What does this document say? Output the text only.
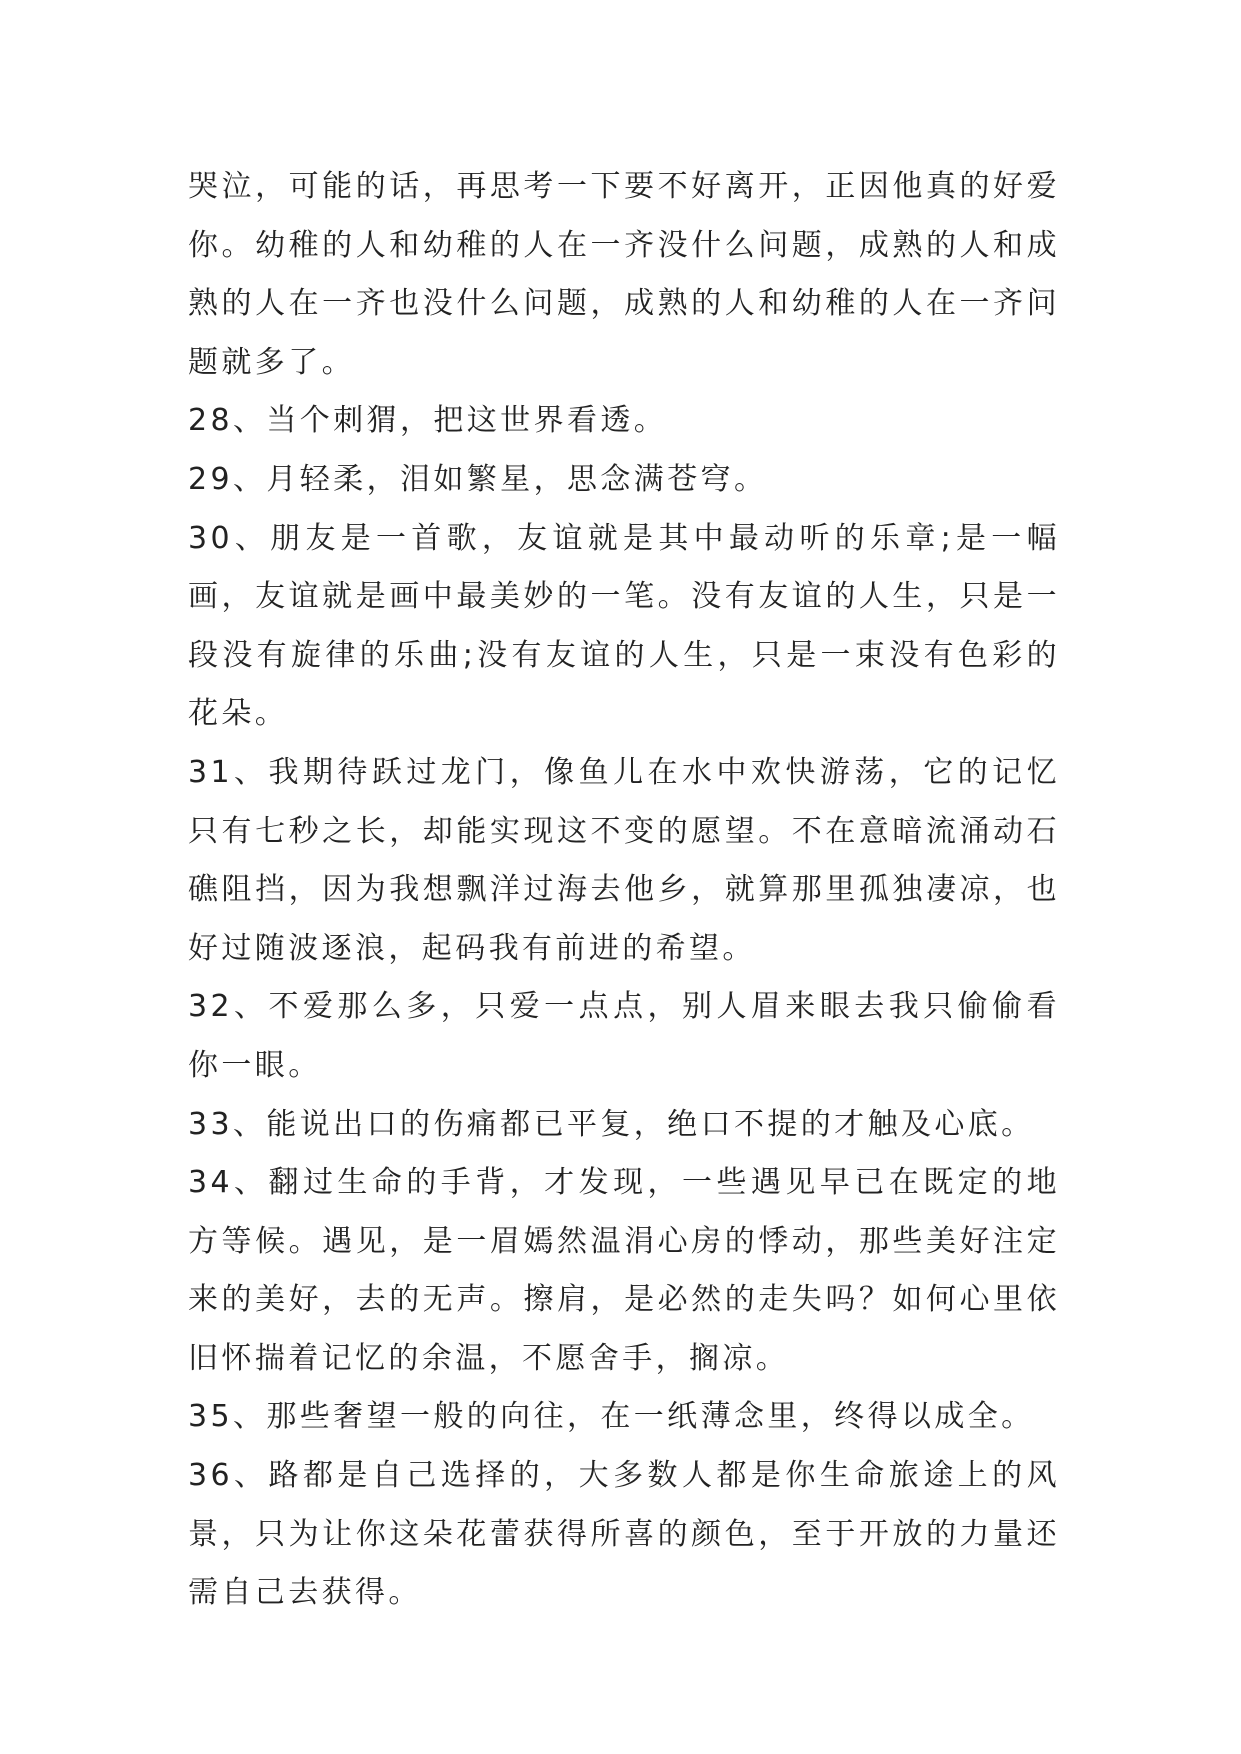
哭泣，可能的话，再思考一下要不好离开，正因他真的好爱你。幼稚的人和幼稚的人在一齐没什么问题，成熟的人和成熟的人在一齐也没什么问题，成熟的人和幼稚的人在一齐问题就多了。

28、当个刺猬，把这世界看透。

29、月轻柔，泪如繁星，思念满苍穹。

30、朋友是一首歌，友谊就是其中最动听的乐章;是一幅画，友谊就是画中最美妙的一笔。没有友谊的人生，只是一段没有旋律的乐曲;没有友谊的人生，只是一束没有色彩的花朵。

31、我期待跃过龙门，像鱼儿在水中欢快游荡，它的记忆只有七秒之长，却能实现这不变的愿望。不在意暗流涌动石礁阻挡，因为我想飘洋过海去他乡，就算那里孤独凄凉，也好过随波逐浪，起码我有前进的希望。

32、不爱那么多，只爱一点点，别人眉来眼去我只偷偷看你一眼。

33、能说出口的伤痛都已平复，绝口不提的才触及心底。

34、翻过生命的手背，才发现，一些遇见早已在既定的地方等候。遇见，是一眉嫣然温涓心房的悸动，那些美好注定来的美好，去的无声。擦肩，是必然的走失吗？如何心里依旧怀揣着记忆的余温，不愿舍手，搁凉。

35、那些奢望一般的向往，在一纸薄念里，终得以成全。

36、路都是自己选择的，大多数人都是你生命旅途上的风景，只为让你这朵花蕾获得所喜的颜色，至于开放的力量还需自己去获得。
